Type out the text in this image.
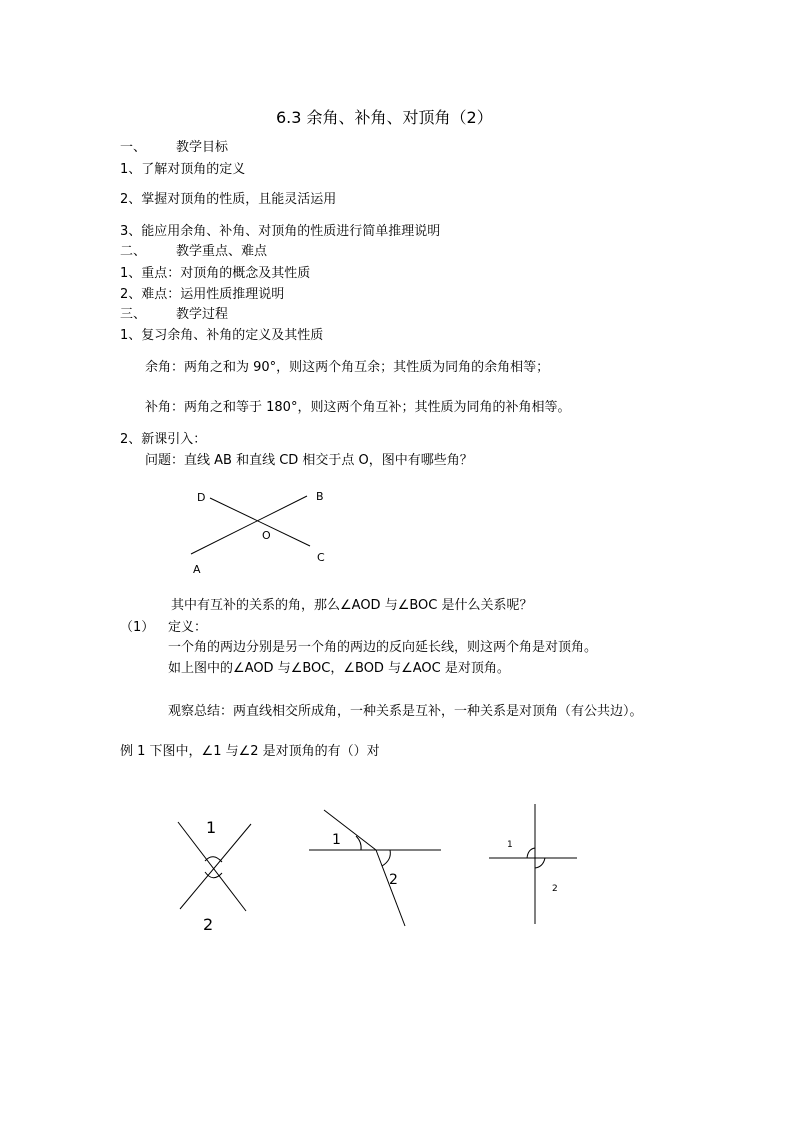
6.3 余角、补角、对顶角（2）
一、 教学目标
1、了解对顶角的定义
2、掌握对顶角的性质，且能灵活运用
3、能应用余角、补角、对顶角的性质进行简单推理说明
二、 教学重点、难点
1、重点：对顶角的概念及其性质
2、难点：运用性质推理说明
三、 教学过程
1、复习余角、补角的定义及其性质
余角：两角之和为 90°，则这两个角互余；其性质为同角的余角相等；
补角：两角之和等于 180°，则这两个角互补；其性质为同角的补角相等。
2、新课引入：
问题：直线 AB 和直线 CD 相交于点 O，图中有哪些角？
其中有互补的关系的角，那么∠AOD 与∠BOC 是什么关系呢？
（1） 定义：
一个角的两边分别是另一个角的两边的反向延长线，则这两个角是对顶角。
如上图中的∠AOD 与∠BOC，∠BOD 与∠AOC 是对顶角。
观察总结：两直线相交所成角，一种关系是互补，一种关系是对顶角（有公共边）。
例 1 下图中，∠1 与∠2 是对顶角的有（）对
A
B
C
D
O
1
2
1
2
1
2
